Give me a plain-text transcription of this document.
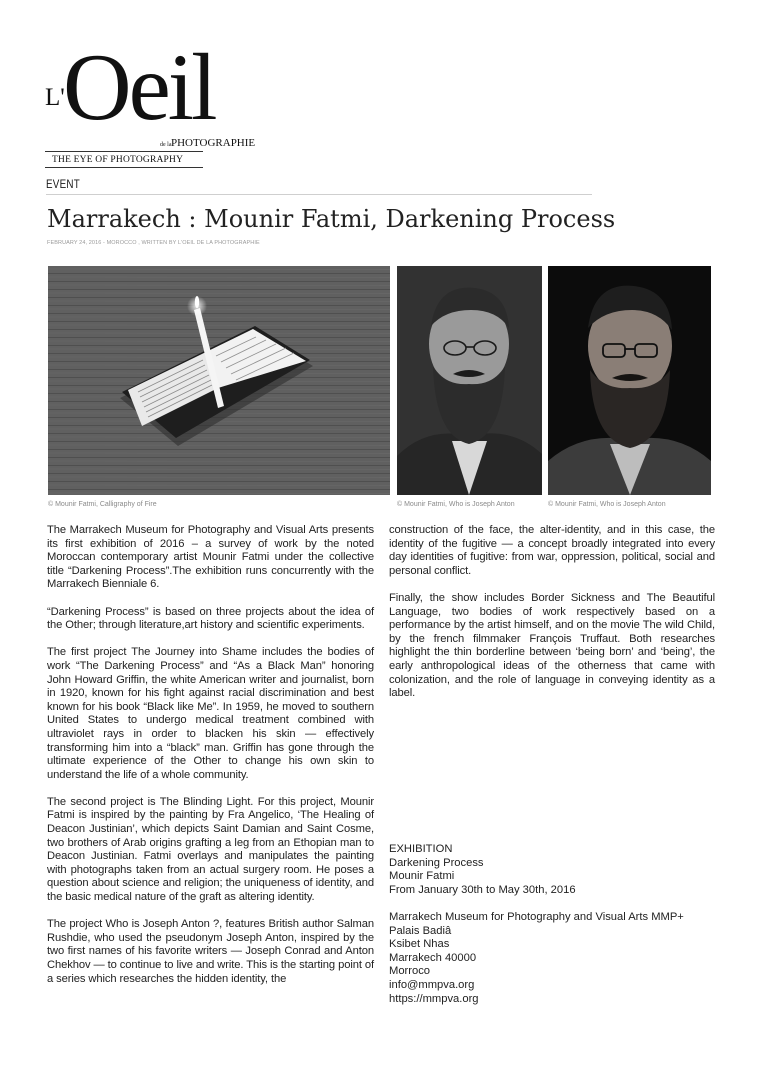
L'
Oeil
de la PHOTOGRAPHIE
THE EYE OF PHOTOGRAPHY
EVENT
Marrakech : Mounir Fatmi, Darkening Process
FEBRUARY 24, 2016 - MOROCCO , WRITTEN BY L'OEIL DE LA PHOTOGRAPHIE
© Mounir Fatmi, Calligraphy of Fire	© Mounir Fatmi, Who is Joseph Anton	© Mounir Fatmi, Who is Joseph Anton

The Marrakech Museum for Photography and Visual Arts presents its first exhibition of 2016 – a survey of work by the noted Moroccan contemporary artist Mounir Fatmi under the collective title “Darkening Process”.The exhibition runs concurrently with the Marrakech Bienniale 6.

“Darkening Process” is based on three projects about the idea of the Other; through literature,art history and scientific experiments.

The first project The Journey into Shame includes the bodies of work “The Darkening Process” and “As a Black Man” honoring John Howard Griffin, the white American writer and journalist, born in 1920, known for his fight against racial discrimination and best known for his book “Black like Me”. In 1959, he moved to southern United States to undergo medical treatment combined with ultraviolet rays in order to blacken his skin — effectively transforming him into a “black” man. Griffin has gone through the ultimate experience of the Other to change his own skin to understand the life of a whole community.

The second project is The Blinding Light. For this project, Mounir Fatmi is inspired by the painting by Fra Angelico, ‘The Healing of Deacon Justinian’, which depicts Saint Damian and Saint Cosme, two brothers of Arab origins grafting a leg from an Ethopian man to Deacon Justinian. Fatmi overlays and manipulates the painting with photographs taken from an actual surgery room. He poses a question about science and religion; the uniqueness of identity, and the basic medical nature of the graft as altering identity.

The project Who is Joseph Anton ?, features British author Salman Rushdie, who used the pseudonym Joseph Anton, inspired by the two first names of his favorite writers — Joseph Conrad and Anton Chekhov — to continue to live and write. This is the starting point of a series which researches the hidden identity, the

construction of the face, the alter-identity, and in this case, the identity of the fugitive — a concept broadly integrated into every day identities of fugitive: from war, oppression, political, social and personal conflict.

Finally, the show includes Border Sickness and The Beautiful Language, two bodies of work respectively based on a performance by the artist himself, and on the movie The wild Child, by the french filmmaker François Truffaut. Both researches highlight the thin borderline between ‘being born’ and ‘being’, the early anthropological ideas of the otherness that came with colonization, and the role of language in conveying identity as a label.

EXHIBITION
Darkening Process
Mounir Fatmi
From January 30th to May 30th, 2016
Marrakech Museum for Photography and Visual Arts MMP+
Palais Badiâ
Ksibet Nhas
Marrakech 40000
Morroco
info@mmpva.org
https://mmpva.org
